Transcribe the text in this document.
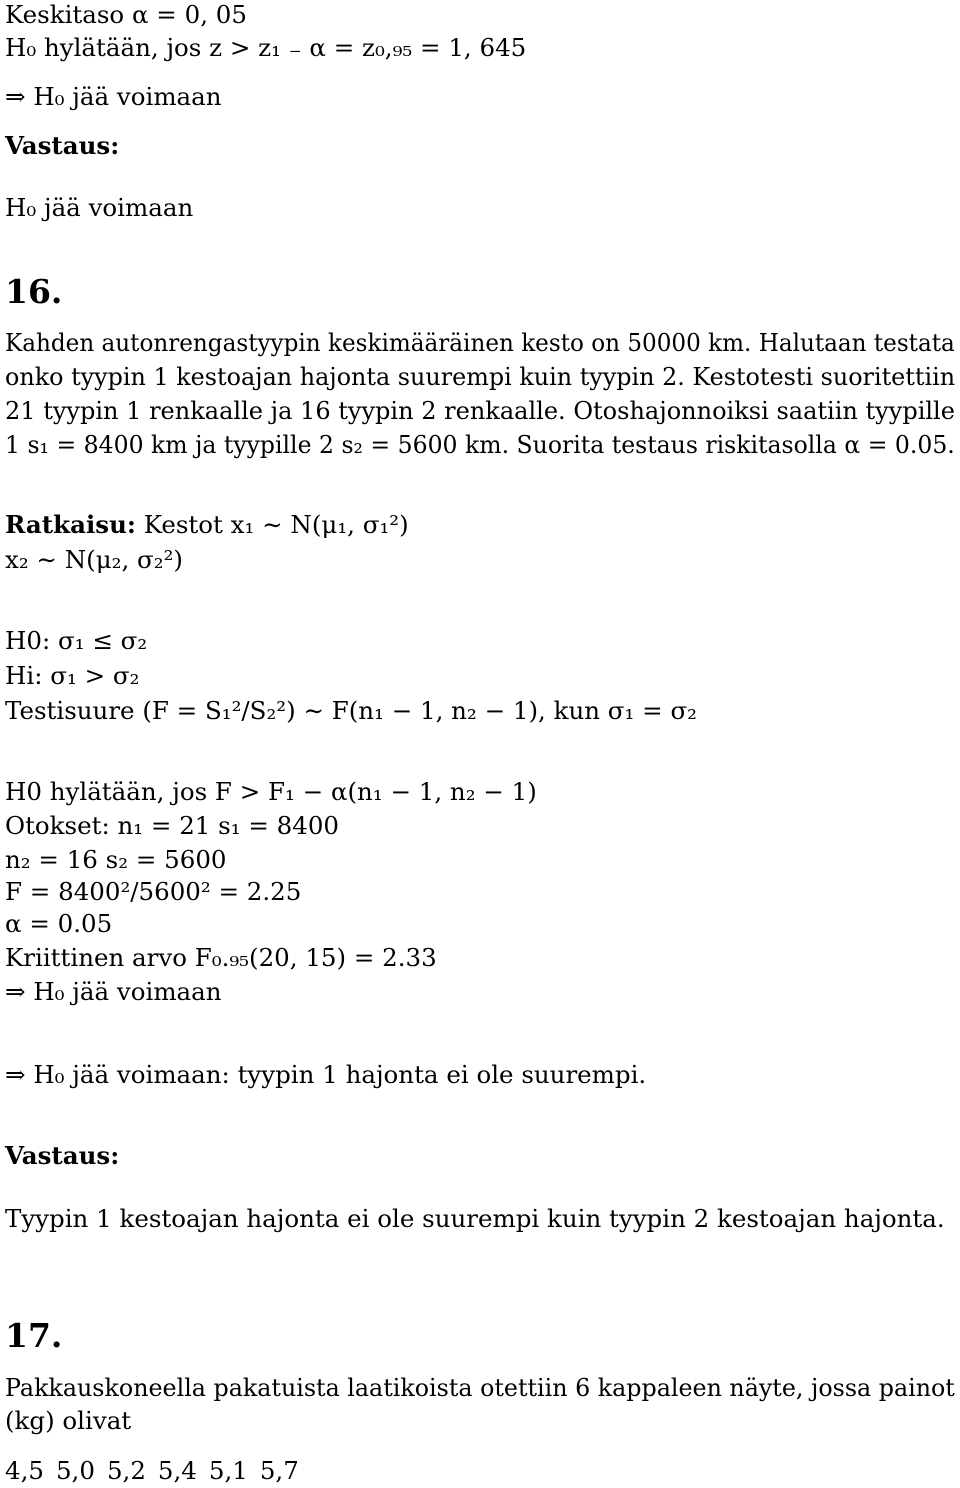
Keskitaso α = 0, 05
H₀ hylätään, jos z > z₁ ₋ α = z₀,₉₅ = 1, 645
⇒ H₀ jää voimaan
Vastaus:
H₀ jää voimaan
16.
Kahden autonrengastyypin keskimääräinen kesto on 50000 km. Halutaan testata
onko tyypin 1 kestoajan hajonta suurempi kuin tyypin 2. Kestotesti suoritettiin
21 tyypin 1 renkaalle ja 16 tyypin 2 renkaalle. Otoshajonnoiksi saatiin tyypille
1 s₁ = 8400 km ja tyypille 2 s₂ = 5600 km. Suorita testaus riskitasolla α = 0.05.
Ratkaisu: Kestot x₁ ∼ N(μ₁, σ₁²)
x₂ ∼ N(μ₂, σ₂²)
H0: σ₁ ≤ σ₂
Hi: σ₁ > σ₂
Testisuure (F = S₁²/S₂²) ∼ F(n₁ − 1, n₂ − 1), kun σ₁ = σ₂
H0 hylätään, jos F > F₁ − α(n₁ − 1, n₂ − 1)
Otokset: n₁ = 21 s₁ = 8400
n₂ = 16 s₂ = 5600
F = 8400²/5600² = 2.25
α = 0.05
Kriittinen arvo F₀.₉₅(20, 15) = 2.33
⇒ H₀ jää voimaan
⇒ H₀ jää voimaan: tyypin 1 hajonta ei ole suurempi.
Vastaus:
Tyypin 1 kestoajan hajonta ei ole suurempi kuin tyypin 2 kestoajan hajonta.
17.
Pakkauskoneella pakatuista laatikoista otettiin 6 kappaleen näyte, jossa painot
(kg) olivat
4,5 5,0 5,2 5,4 5,1 5,7
